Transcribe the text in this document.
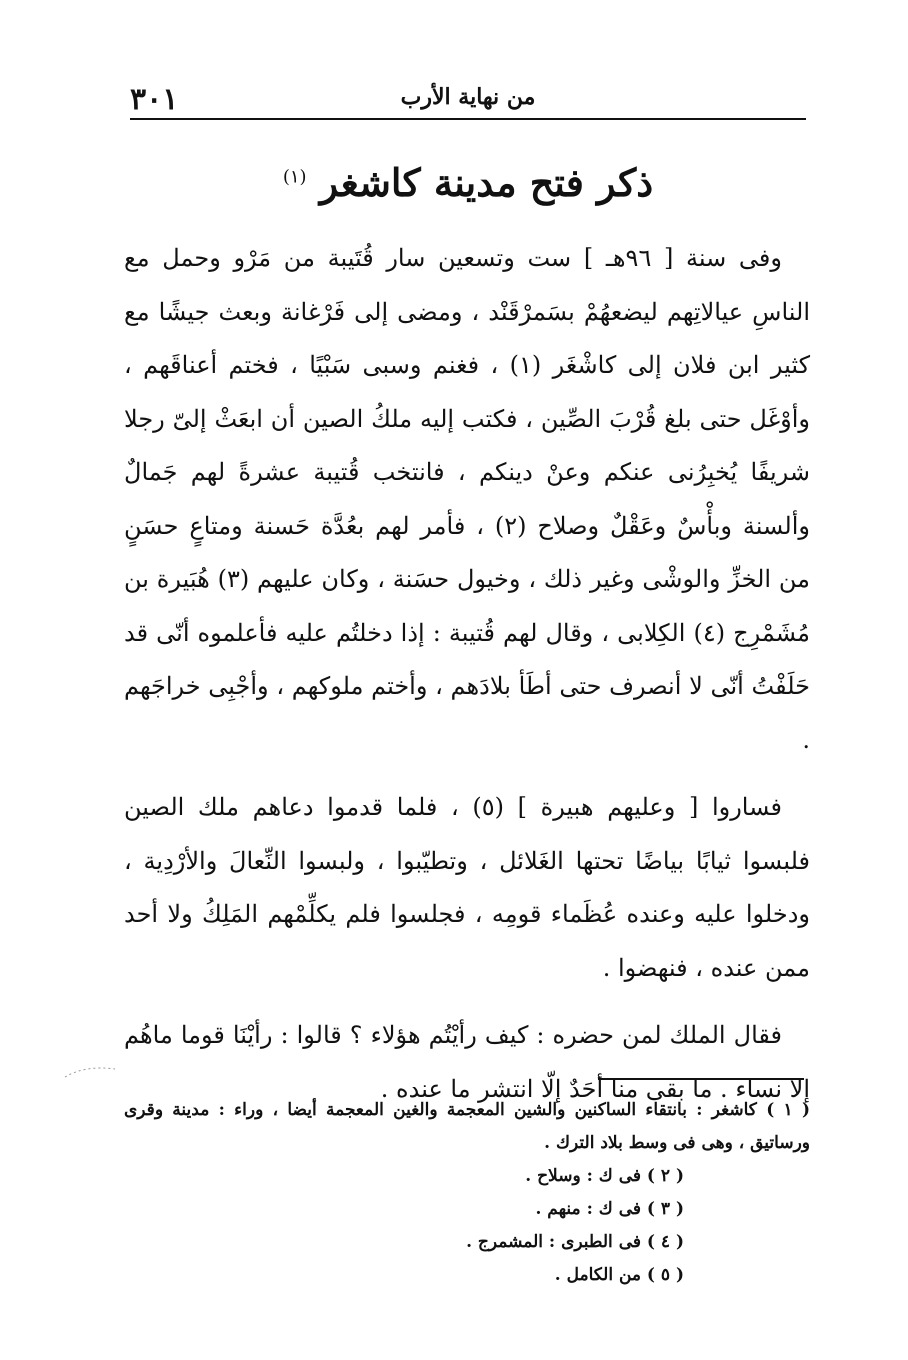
من نهاية الأرب
٣٠١
ذكر فتح مدينة كاشغر $^{(١)}$

وفى سنة [ ٩٦هـ ] ست وتسعين سار قُتَيبة من مَرْو وحمل مع الناسِ عيالاتِهم ليضعهُمْ بسَمرْقَنْد ، ومضى إلى فَرْغانة وبعث جيشًا مع كثير ابن فلان إلى كاشْغَر (١) ، فغنم وسبى سَبْيًا ، فختم أعناقَهم ، وأوْغَل حتى بلغ قُرْبَ الصِّين ، فكتب إليه ملكُ الصين أن ابعَثْ إلىّ رجلا شريفًا يُخبِرُنى عنكم وعنْ دينكم ، فانتخب قُتيبة عشرةً لهم جَمالٌ وألسنة وبأْسٌ وعَقْلٌ وصلاح (٢) ، فأمر لهم بعُدَّة حَسنة ومتاعٍ حسَنٍ من الخزِّ والوشْى وغير ذلك ، وخيول حسَنة ، وكان عليهم (٣) هُبَيرة بن مُشَمْرِج (٤) الكِلابى ، وقال لهم قُتيبة : إذا دخلتُم عليه فأعلموه أنّى قد حَلَفْتُ أنّى لا أنصرف حتى أطَأ بلادَهم ، وأختم ملوكهم ، وأجْبِى خراجَهم .

فساروا [ وعليهم هبيرة ] (٥) ، فلما قدموا دعاهم ملك الصين فلبسوا ثيابًا بياضًا تحتها الغَلائل ، وتطيّبوا ، ولبسوا النِّعالَ والأرْدِية ، ودخلوا عليه وعنده عُظَماء قومِه ، فجلسوا فلم يكلِّمْهم المَلِكُ ولا أحد ممن عنده ، فنهضوا .

فقال الملك لمن حضره : كيف رأيْتُم هؤلاء ؟ قالوا : رأيْنَا قوما ماهُم إلا نساء . ما بقى منا أحَدٌ إلّا انتشر ما عنده .

( ١ ) كاشغر : بانتقاء الساكنين والشين المعجمة والغين المعجمة أيضا ، وراء : مدينة وقرى ورساتيق ، وهى فى وسط بلاد الترك .

( ٢ ) فى ك : وسلاح .

( ٣ ) فى ك : منهم .

( ٤ ) فى الطبرى : المشمرج .

( ٥ ) من الكامل .
